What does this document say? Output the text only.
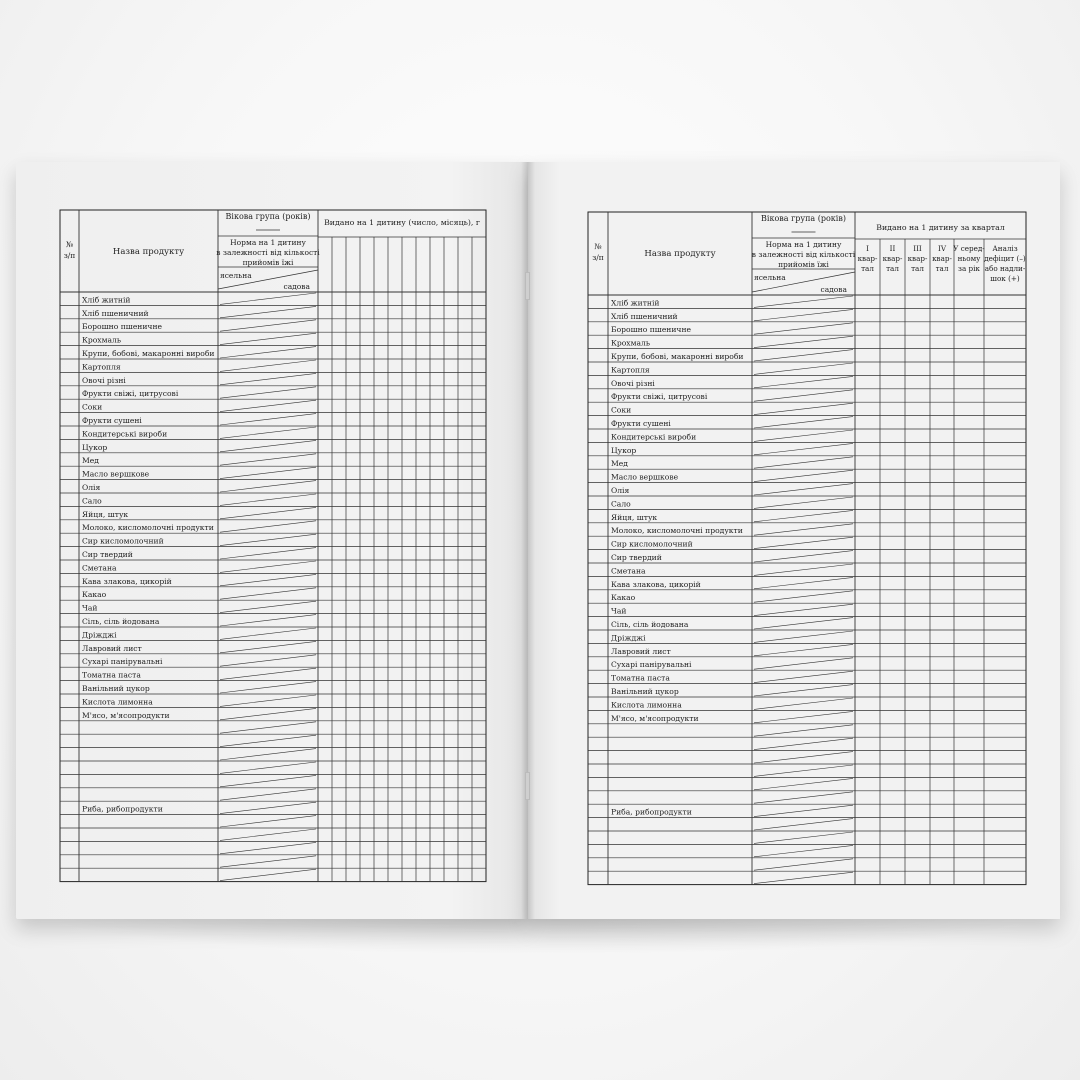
№
з/п	Назва продукту
Вікова група (років)
Норма на 1 дитину
в залежності від кількості
прийомів їжі
ясельна
садова
Хліб житній
Хліб пшеничний
Борошно пшеничне
Крохмаль
Крупи, бобові, макаронні вироби
Картопля
Овочі різні
Фрукти свіжі, цитрусові
Соки
Фрукти сушені
Кондитерські вироби
Цукор
Мед
Масло вершкове
Олія
Сало
Яйця, штук
Молоко, кисломолочні продукти
Сир кисломолочний
Сир твердий
Сметана
Кава злакова, цикорій
Какао
Чай
Сіль, сіль йодована
Дріжджі
Лавровий лист
Сухарі панірувальні
Томатна паста
Ванільний цукор
Кислота лимонна
М'ясо, м'ясопродукти
Риба, рибопродукти
Видано на 1 дитину (число, місяць), г
№
з/п	Назва продукту
Вікова група (років)
Норма на 1 дитину
в залежності від кількості
прийомів їжі
ясельна
садова
Хліб житній
Хліб пшеничний
Борошно пшеничне
Крохмаль
Крупи, бобові, макаронні вироби
Картопля
Овочі різні
Фрукти свіжі, цитрусові
Соки
Фрукти сушені
Кондитерські вироби
Цукор
Мед
Масло вершкове
Олія
Сало
Яйця, штук
Молоко, кисломолочні продукти
Сир кисломолочний
Сир твердий
Сметана
Кава злакова, цикорій
Какао
Чай
Сіль, сіль йодована
Дріжджі
Лавровий лист
Сухарі панірувальні
Томатна паста
Ванільний цукор
Кислота лимонна
М'ясо, м'ясопродукти
Риба, рибопродукти
Видано на 1 дитину за квартал
I
квар-
тал
II
квар-
тал
III
квар-
тал
IV
квар-
тал
У серед-
ньому
за рік
Аналіз
дефіцит (–)
або надли-
шок (+)
